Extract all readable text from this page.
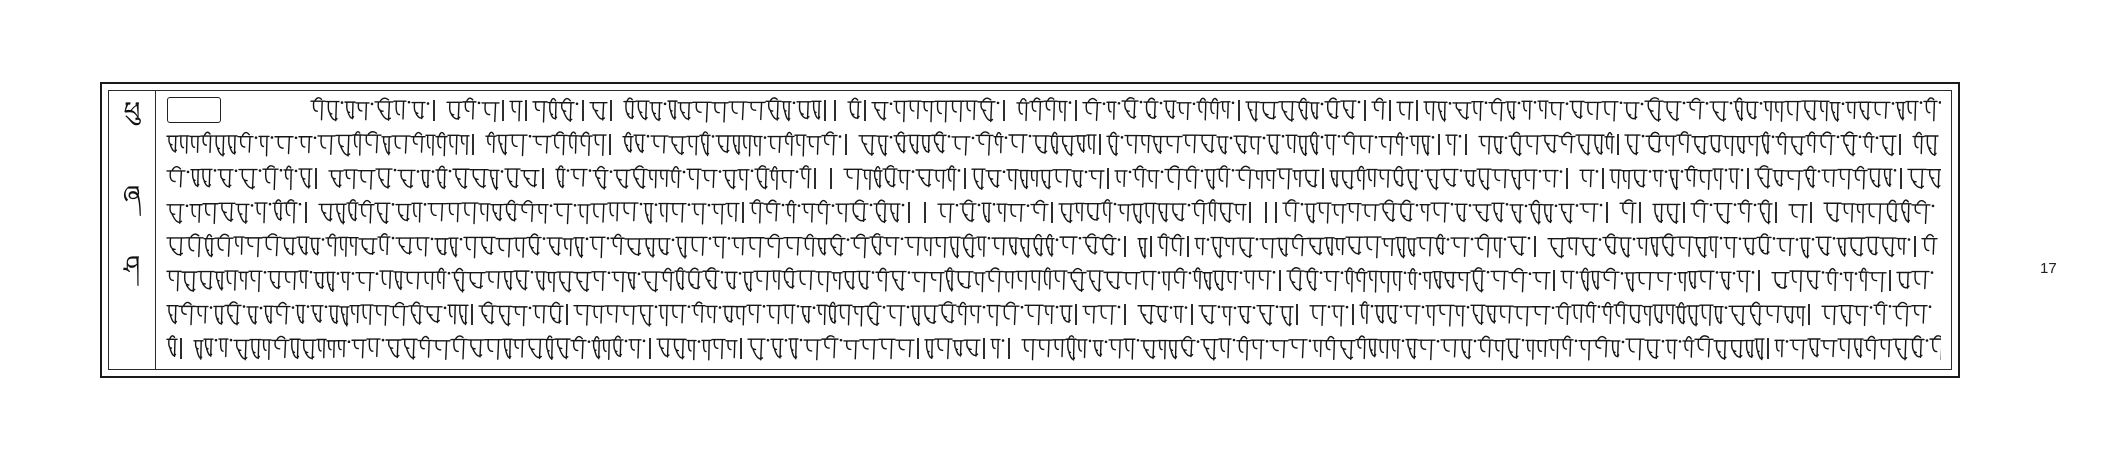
ཕུ
ཞ
ཤ	17
